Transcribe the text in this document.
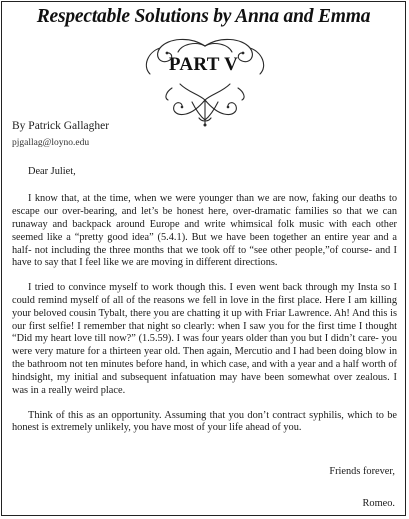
Respectable Solutions by Anna and Emma
PART V
By Patrick Gallagher
pjgallag@loyno.edu

Dear Juliet,

I know that, at the time, when we were younger than we are now, faking our deaths to escape our over-bearing, and let’s be honest here, over-dramatic families so that we can runaway and backpack around Europe and write whimsical folk music with each other seemed like a “pretty good idea” (5.4.1). But we have been together an entire year and a half- not including the three months that we took off to “see other people,”of course- and I have to say that I feel like we are moving in different directions.

I tried to convince myself to work though this. I even went back through my Insta so I could remind myself of all of the reasons we fell in love in the first place. Here I am killing your beloved cousin Tybalt, there you are chatting it up with Friar Lawrence. Ah! And this is our first selfie! I remember that night so clearly: when I saw you for the first time I thought “Did my heart love till now?” (1.5.59). I was four years older than you but I didn’t care- you were very mature for a thirteen year old. Then again, Mercutio and I had been doing blow in the bathroom not ten minutes before hand, in which case, and with a year and a half worth of hindsight, my initial and subsequent infatuation may have been somewhat over zealous. I was in a really weird place.

Think of this as an opportunity. Assuming that you don’t contract syphilis, which to be honest is extremely unlikely, you have most of your life ahead of you.

Friends forever,
Romeo.
